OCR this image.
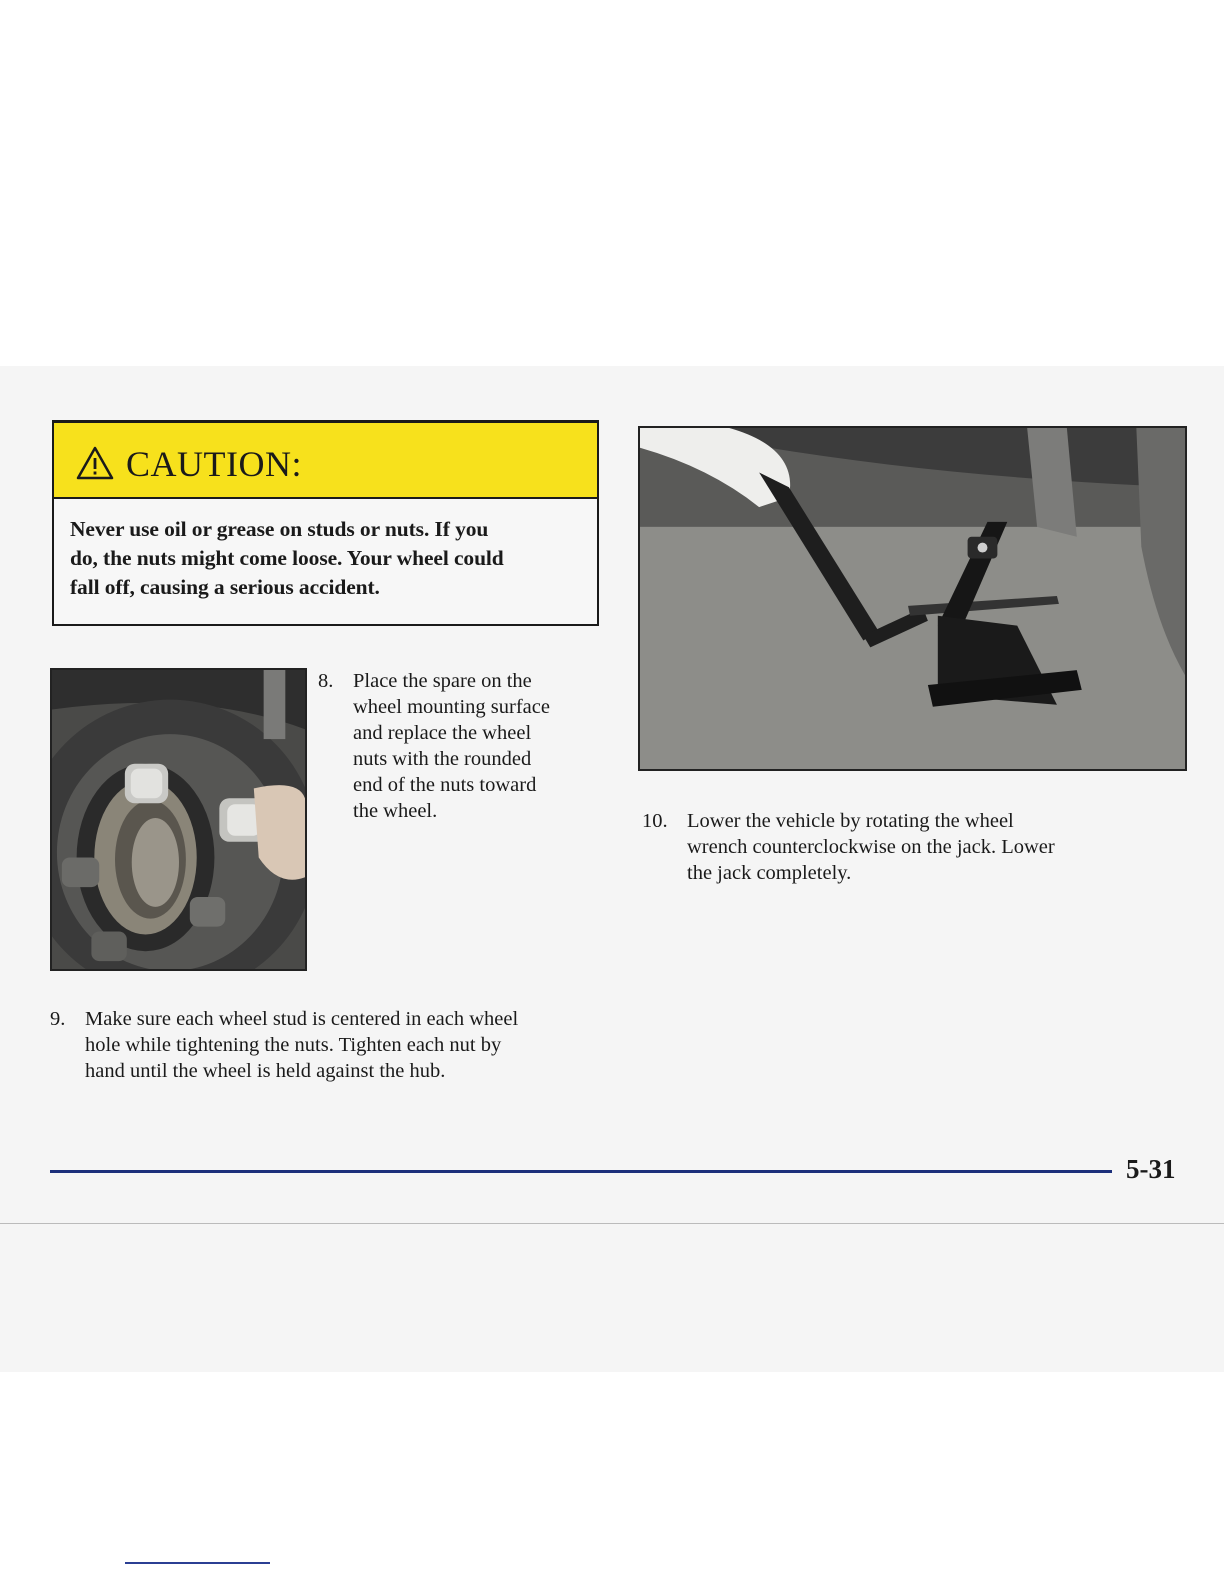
CAUTION:
Never use oil or grease on studs or nuts. If you
do, the nuts might come loose. Your wheel could
fall off, causing a serious accident.
8. Place the spare on the
wheel mounting surface
and replace the wheel
nuts with the rounded
end of the nuts toward
the wheel.
9. Make sure each wheel stud is centered in each wheel
hole while tightening the nuts. Tighten each nut by
hand until the wheel is held against the hub.
10. Lower the vehicle by rotating the wheel
wrench counterclockwise on the jack. Lower
the jack completely.
5-31
